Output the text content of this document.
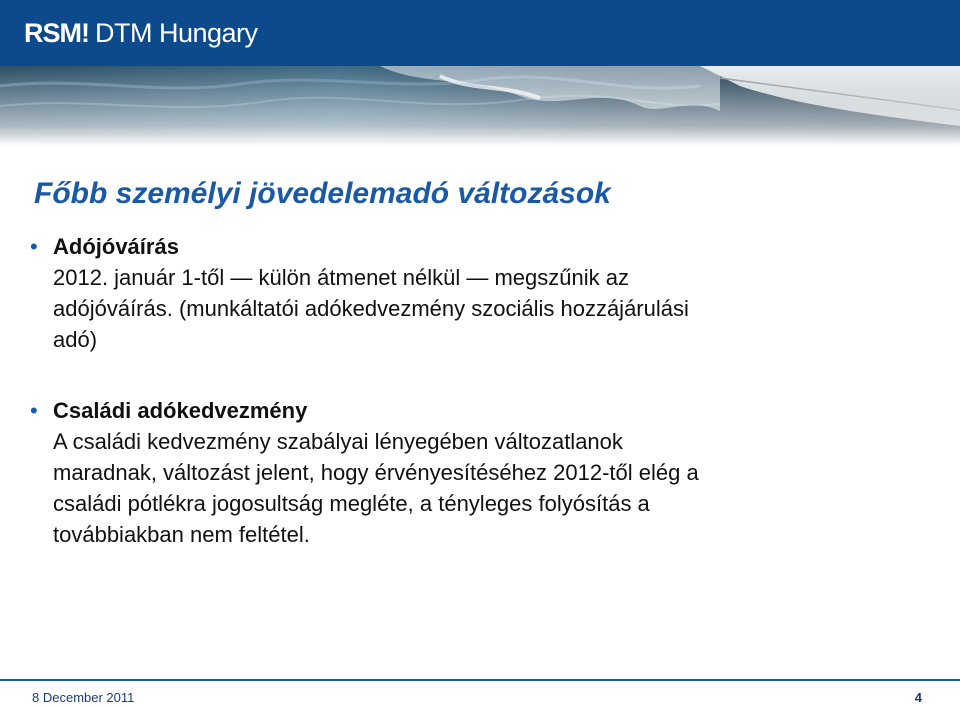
RSM! DTM Hungary
Főbb személyi jövedelemadó változások
• Adójóváírás
2012. január 1-től — külön átmenet nélkül — megszűnik az
adójóváírás. (munkáltatói adókedvezmény szociális hozzájárulási
adó)
• Családi adókedvezmény
A családi kedvezmény szabályai lényegében változatlanok
maradnak, változást jelent, hogy érvényesítéséhez 2012-től elég a
családi pótlékra jogosultság megléte, a tényleges folyósítás a
továbbiakban nem feltétel.
8 December 2011	4
